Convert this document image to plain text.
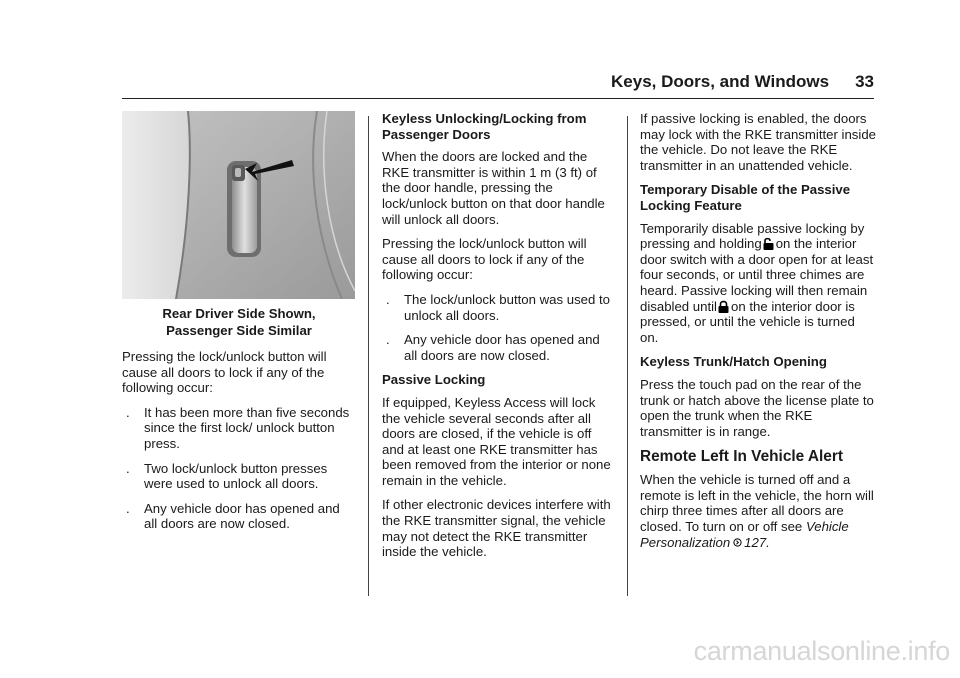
Keys, Doors, and Windows 33
Rear Driver Side Shown,
Passenger Side Similar

Pressing the lock/unlock button will cause all doors to lock if any of the following occur:

. It has been more than five seconds since the first lock/ unlock button press.
. Two lock/unlock button presses were used to unlock all doors.
. Any vehicle door has opened and all doors are now closed.

Keyless Unlocking/Locking from Passenger Doors

When the doors are locked and the RKE transmitter is within 1 m (3 ft) of the door handle, pressing the lock/unlock button on that door handle will unlock all doors.

Pressing the lock/unlock button will cause all doors to lock if any of the following occur:

. The lock/unlock button was used to unlock all doors.
. Any vehicle door has opened and all doors are now closed.

Passive Locking

If equipped, Keyless Access will lock the vehicle several seconds after all doors are closed, if the vehicle is off and at least one RKE transmitter has been removed from the interior or none remain in the vehicle.

If other electronic devices interfere with the RKE transmitter signal, the vehicle may not detect the RKE transmitter inside the vehicle.

If passive locking is enabled, the doors may lock with the RKE transmitter inside the vehicle. Do not leave the RKE transmitter in an unattended vehicle.

Temporary Disable of the Passive Locking Feature

Temporarily disable passive locking by pressing and holding on the interior door switch with a door open for at least four seconds, or until three chimes are heard. Passive locking will then remain disabled until on the interior door is pressed, or until the vehicle is turned on.

Keyless Trunk/Hatch Opening

Press the touch pad on the rear of the trunk or hatch above the license plate to open the trunk when the RKE transmitter is in range.

Remote Left In Vehicle Alert

When the vehicle is turned off and a remote is left in the vehicle, the horn will chirp three times after all doors are closed. To turn on or off see Vehicle Personalization 127.

carmanualsonline.info
